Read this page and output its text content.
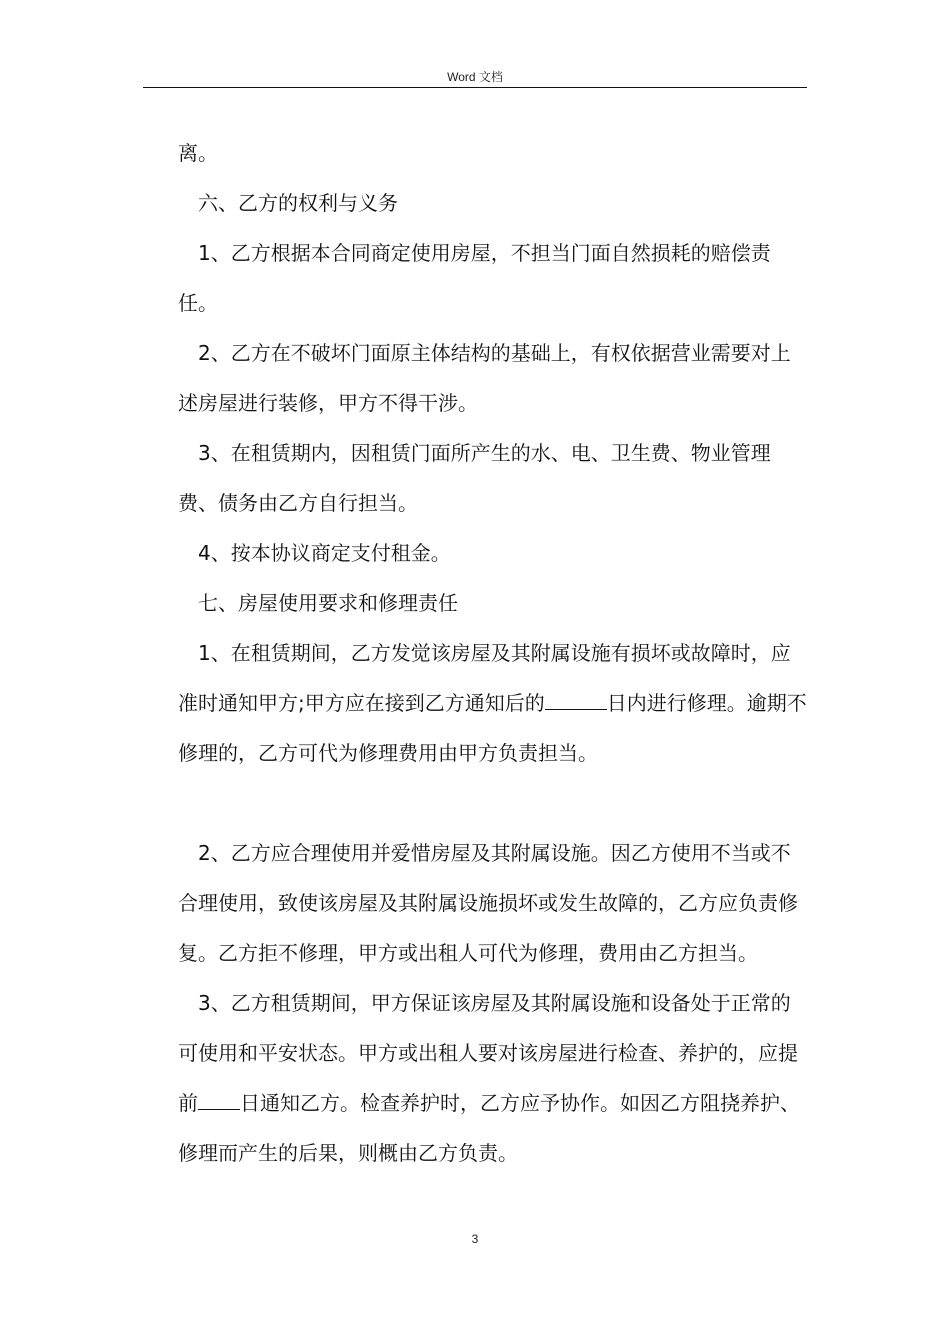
Word 文档

离。

六、乙方的权利与义务

1、乙方根据本合同商定使用房屋，不担当门面自然损耗的赔偿责任。

2、乙方在不破坏门面原主体结构的基础上，有权依据营业需要对上述房屋进行装修，甲方不得干涉。

3、在租赁期内，因租赁门面所产生的水、电、卫生费、物业管理费、债务由乙方自行担当。

4、按本协议商定支付租金。

七、房屋使用要求和修理责任

1、在租赁期间，乙方发觉该房屋及其附属设施有损坏或故障时，应准时通知甲方;甲方应在接到乙方通知后的	日内进行修理。逾期不修理的，乙方可代为修理费用由甲方负责担当。

2、乙方应合理使用并爱惜房屋及其附属设施。因乙方使用不当或不合理使用，致使该房屋及其附属设施损坏或发生故障的，乙方应负责修复。乙方拒不修理，甲方或出租人可代为修理，费用由乙方担当。

3、乙方租赁期间，甲方保证该房屋及其附属设施和设备处于正常的可使用和平安状态。甲方或出租人要对该房屋进行检查、养护的，应提前 日通知乙方。检查养护时，乙方应予协作。如因乙方阻挠养护、修理而产生的后果，则概由乙方负责。

3
